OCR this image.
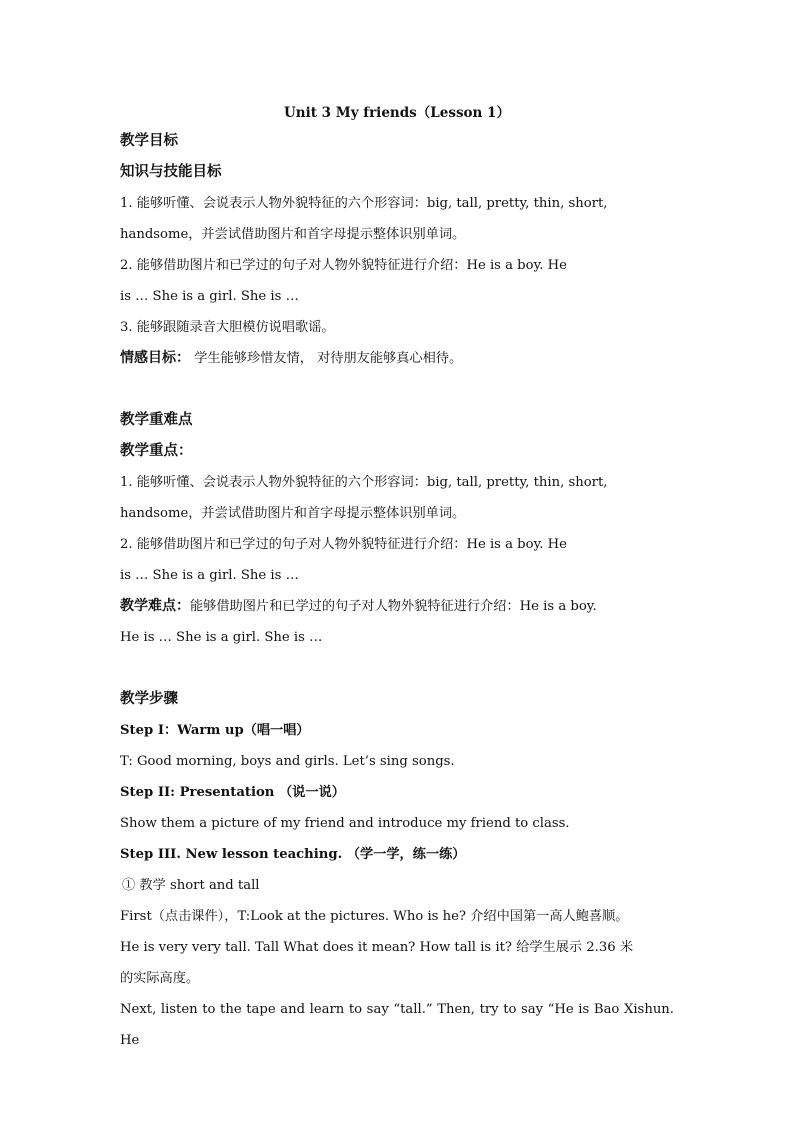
Unit 3 My friends（Lesson 1）
教学目标
知识与技能目标
1. 能够听懂、会说表示人物外貌特征的六个形容词：big, tall, pretty, thin, short,
handsome，并尝试借助图片和首字母提示整体识别单词。
2. 能够借助图片和已学过的句子对人物外貌特征进行介绍：He is a boy. He
is … She is a girl. She is …
3. 能够跟随录音大胆模仿说唱歌谣。
情感目标： 学生能够珍惜友情， 对待朋友能够真心相待。
教学重难点
教学重点：
1. 能够听懂、会说表示人物外貌特征的六个形容词：big, tall, pretty, thin, short,
handsome，并尝试借助图片和首字母提示整体识别单词。
2. 能够借助图片和已学过的句子对人物外貌特征进行介绍：He is a boy. He
is … She is a girl. She is …
教学难点：能够借助图片和已学过的句子对人物外貌特征进行介绍：He is a boy.
He is … She is a girl. She is …
教学步骤
Step I：Warm up（唱一唱）
T: Good morning, boys and girls. Let’s sing songs.
Step II: Presentation （说一说）
Show them a picture of my friend and introduce my friend to class.
Step III. New lesson teaching. （学一学，练一练）
① 教学 short and tall
First（点击课件），T:Look at the pictures. Who is he? 介绍中国第一高人鲍喜顺。
He is very very tall. Tall What does it mean? How tall is it? 给学生展示 2.36 米
的实际高度。
Next, listen to the tape and learn to say “tall.” Then, try to say “He is Bao Xishun. He
